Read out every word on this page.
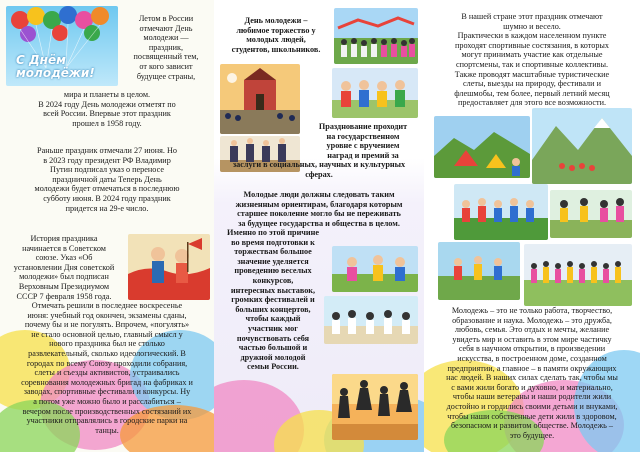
С Днём
молодёжи!
Летом в России
отмечают День
молодежи —
праздник,
посвященный тем,
от кого зависит
будущее страны,
мира и планеты в целом.
В 2024 году День молодежи отметят по
всей России. Впервые этот праздник
прошел в 1958 году.
Раньше праздник отмечали 27 июня. Но
в 2023 году президент РФ Владимир
Путин подписал указ о переносе
праздничной даты Теперь День
молодежи будет отмечаться в последнюю
субботу июня. В 2024 году праздник
придется на 29-е число.
История праздника
начинается в Советском
союзе. Указ «Об
установлении Дня советской
молодежи» был подписан
Верховным Президиумом
СССР 7 февраля 1958 года.
Отмечать решили в последнее воскресенье
июня: учебный год окончен, экзамены сданы,
почему бы и не погулять. Впрочем, «погулять»
не стало основной целью, главный смысл у
нового праздника был не столько
развлекательный, сколько идеологический. В
городах по всему Союзу проходили собрания,
слеты и съезды активистов, устраивались
соревнования молодежных бригад на фабриках и
заводах, спортивные фестивали и конкурсы. Ну
а потом уже можно было и расслабиться –
вечером после производственных состязаний их
участники отправлялись в городские парки на
танцы.
День молодежи –
любимое торжество у
молодых людей,
студентов, школьников.
Празднование проходит
на государственном
уровне с вручением
наград и премий за
заслуги в социальных, научных и культурных
сферах.
Молодые люди должны следовать таким
жизненным ориентирам, благодаря которым
старшее поколение могло бы не переживать
за будущее государства и общества в целом.
Именно по этой причине
во время подготовки к
торжествам большое
значение уделяется
проведению веселых
конкурсов,
интересных выставок,
громких фестивалей и
больших концертов,
чтобы каждый
участник мог
почувствовать себя
частью большой и
дружной молодой
семьи России.
В нашей стране этот праздник отмечают
шумно и весело.
Практически в каждом населенном пункте
проходят спортивные состязания, в которых
могут принимать участие как отдельные
спортсмены, так и спортивные коллективы.
Также проводят масштабные туристические
слеты, выезды на природу, фестивали и
флешмобы, тем более, первый летний месяц
предоставляет для этого все возможности.
Молодежь – это не только работа, творчество,
образование и наука. Молодежь – это дружба,
любовь, семья. Это отдых и мечты, желание
увидеть мир и оставить в этом мире частичку
себя в научном открытии, в произведении
искусства, в построенном доме, созданном
предприятии, а главное – в памяти окружающих
нас людей. В наших силах сделать так, чтобы мы
с вами жили богато и духовно, и материально,
чтобы наши ветераны и наши родители жили
достойно и гордились своими детьми и внуками,
чтобы наши собственные дети жили в здоровом,
безопасном и развитом обществе. Молодежь –
это будущее.
